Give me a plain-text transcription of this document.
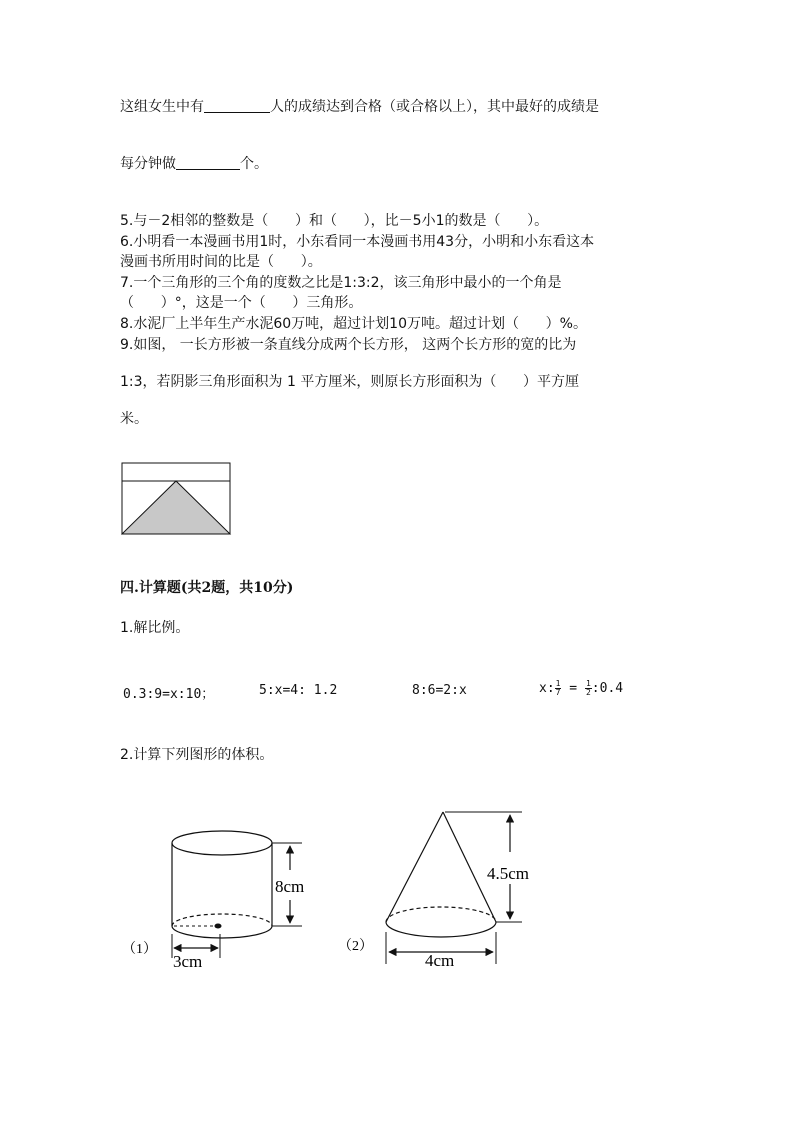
这组女生中有	人的成绩达到合格（或合格以上），其中最好的成绩是
每分钟做	个。
5.与－2相邻的整数是（      ）和（      ），比－5小1的数是（      ）。
6.小明看一本漫画书用1时，小东看同一本漫画书用43分，小明和小东看这本
漫画书所用时间的比是（      ）。
7.一个三角形的三个角的度数之比是1:3:2，该三角形中最小的一个角是
（      ）°，这是一个（      ）三角形。
8.水泥厂上半年生产水泥60万吨，超过计划10万吨。超过计划（      ）%。
9.如图， 一长方形被一条直线分成两个长方形， 这两个长方形的宽的比为
1:3，若阴影三角形面积为 1 平方厘米，则原长方形面积为（      ）平方厘
米。
四.计算题(共2题，共10分)
1.解比例。
0.3:9=x:10；	5:x=4: 1.2	8:6=2:x	x: $\frac{1}{7} = \frac{1}{2}$ :0.4
2.计算下列图形的体积。
8cm
3cm
（1）
4.5cm
4cm
（2）
